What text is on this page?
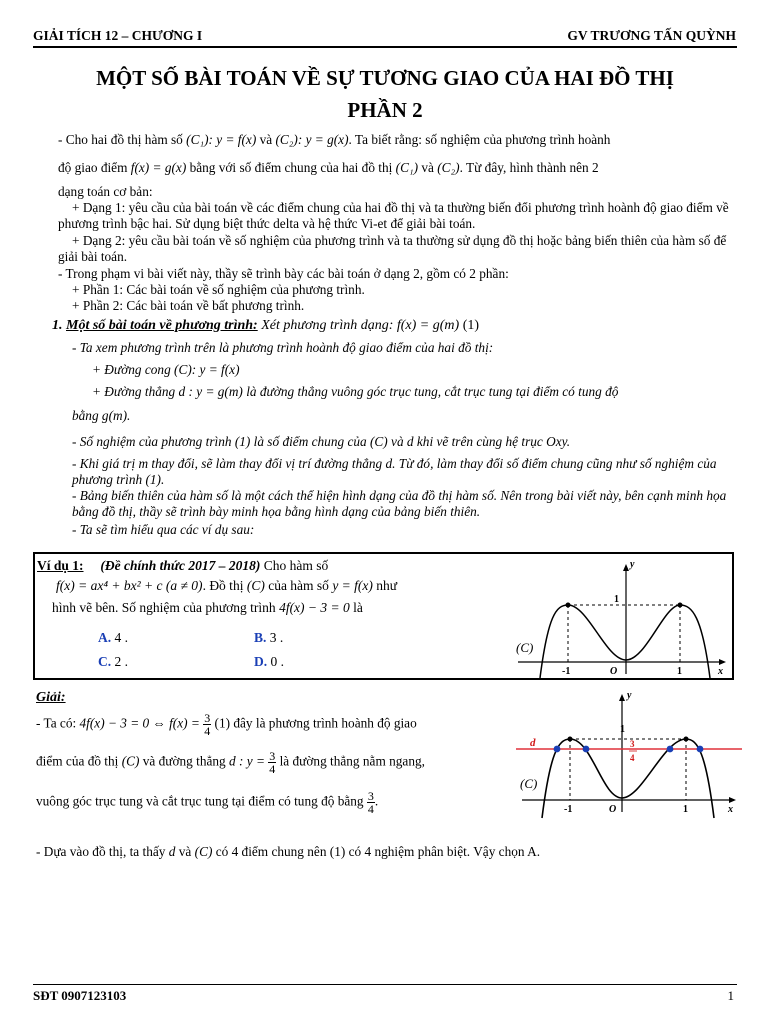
GIẢI TÍCH 12 – CHƯƠNG I	GV TRƯƠNG TẤN QUỲNH
MỘT SỐ BÀI TOÁN VỀ SỰ TƯƠNG GIAO CỦA HAI ĐỒ THỊ
PHẦN 2
- Cho hai đồ thị hàm số (C₁): y = f(x) và (C₂): y = g(x). Ta biết rằng: số nghiệm của phương trình hoành
độ giao điểm f(x) = g(x) bằng với số điểm chung của hai đồ thị (C₁) và (C₂). Từ đây, hình thành nên 2
dạng toán cơ bản:
+ Dạng 1: yêu cầu của bài toán về các điểm chung của hai đồ thị và ta thường biến đổi phương trình hoành độ giao điểm về phương trình bậc hai. Sử dụng biệt thức delta và hệ thức Vi-et để giải bài toán.
+ Dạng 2: yêu cầu bài toán về số nghiệm của phương trình và ta thường sử dụng đồ thị hoặc bảng biến thiên của hàm số để giải bài toán.
- Trong phạm vi bài viết này, thầy sẽ trình bày các bài toán ở dạng 2, gồm có 2 phần:
+ Phần 1: Các bài toán về số nghiệm của phương trình.
+ Phần 2: Các bài toán về bất phương trình.
1. Một số bài toán về phương trình: Xét phương trình dạng: f(x) = g(m) (1)
- Ta xem phương trình trên là phương trình hoành độ giao điểm của hai đồ thị:
+ Đường cong (C): y = f(x)
+ Đường thẳng d : y = g(m) là đường thẳng vuông góc trục tung, cắt trục tung tại điểm có tung độ
bằng g(m).
- Số nghiệm của phương trình (1) là số điểm chung của (C) và d khi vẽ trên cùng hệ trục Oxy.
- Khi giá trị m thay đổi, sẽ làm thay đổi vị trí đường thẳng d. Từ đó, làm thay đổi số điểm chung cũng như số nghiệm của phương trình (1).
- Bảng biến thiên của hàm số là một cách thể hiện hình dạng của đồ thị hàm số. Nên trong bài viết này, bên cạnh minh họa bằng đồ thị, thầy sẽ trình bày minh họa bằng hình dạng của bảng biến thiên.
- Ta sẽ tìm hiểu qua các ví dụ sau:
Ví dụ 1: (Đề chính thức 2017 – 2018) Cho hàm số
f(x) = ax⁴ + bx² + c (a ≠ 0). Đồ thị (C) của hàm số y = f(x) như
hình vẽ bên. Số nghiệm của phương trình 4f(x) − 3 = 0 là
A. 4 .	B. 3 .
C. 2 .	D. 0 .
y
x
1
-1	O	1
(C)
Giải:
- Ta có: 4f(x) − 3 = 0 ⇔ $f(x) = \frac{3}{4} (1)$ đây là phương trình hoành độ giao
điểm của đồ thị (C) và đường thẳng d : $y = \frac{3}{4}$ là đường thẳng nằm ngang,
vuông góc trục tung và cắt trục tung tại điểm có tung độ bằng $\frac{3}{4}$ .
- Dựa vào đồ thị, ta thấy d và (C) có 4 điểm chung nên (1) có 4 nghiệm phân biệt. Vậy chọn A.
d
y
x
1
3
4
-1	O	1
(C)
SĐT 0907123103	1
